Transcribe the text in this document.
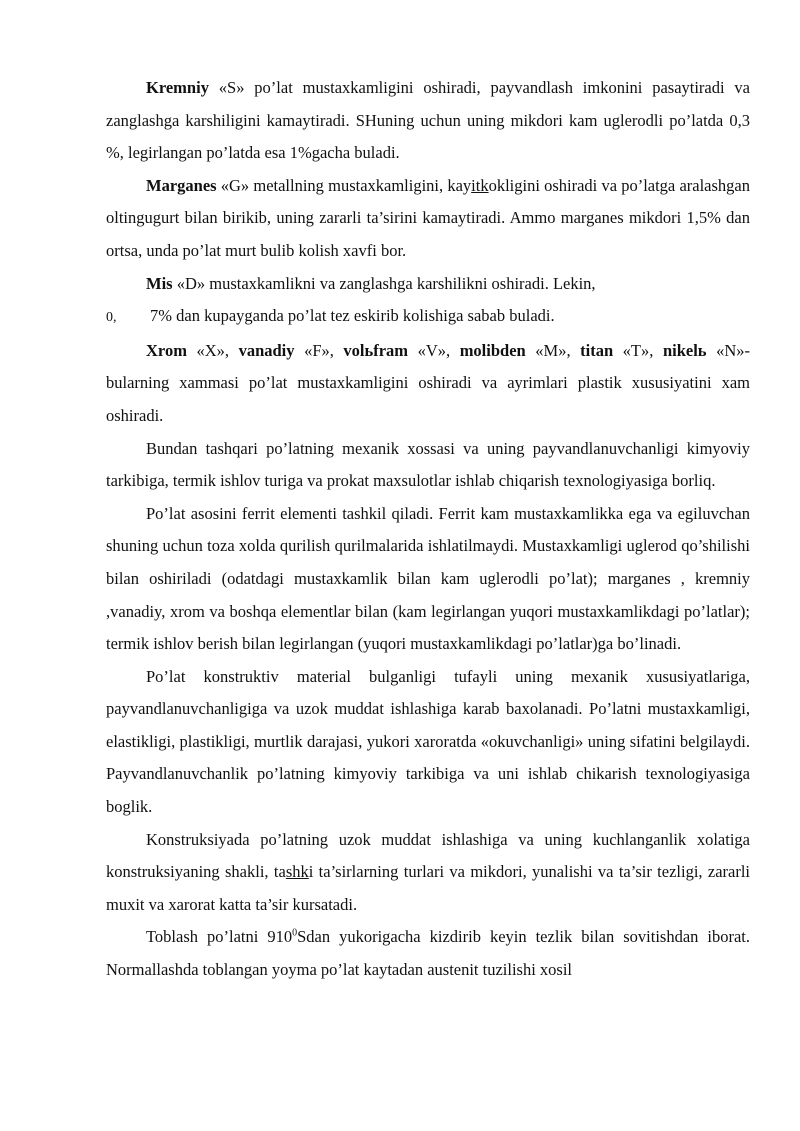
Kremniy «S» po’lat mustaxkamligini oshiradi, payvandlash imkonini pasaytiradi va zanglashga karshiligini kamaytiradi. SHuning uchun uning mikdori kam uglerodli po’latda 0,3 %, legirlangan po’latda esa 1%gacha buladi.

Marganes «G» metallning mustaxkamligini, kayitkokligini oshiradi va po’latga aralashgan oltingugurt bilan birikib, uning zararli ta’sirini kamaytiradi. Ammo marganes mikdori 1,5% dan ortsa, unda po’lat murt bulib kolish xavfi bor.

Mis «D» mustaxkamlikni va zanglashga karshilikni oshiradi. Lekin,

0, 7% dan kupayganda po’lat tez eskirib kolishiga sabab buladi.

Xrom «X», vanadiy «F», volьfram «V», molibden «M», titan «T», nikelь «N»- bularning xammasi po’lat mustaxkamligini oshiradi va ayrimlari plastik xususiyatini xam oshiradi.

Bundan tashqari po’latning mexanik xossasi va uning payvandlanuvchanligi kimyoviy tarkibiga, termik ishlov turiga va prokat maxsulotlar ishlab chiqarish texnologiyasiga borliq.

Po’lat asosini ferrit elementi tashkil qiladi. Ferrit kam mustaxkamlikka ega va egiluvchan shuning uchun toza xolda qurilish qurilmalarida ishlatilmaydi. Mustaxkamligi uglerod qo’shilishi bilan oshiriladi (odatdagi mustaxkamlik bilan kam uglerodli po’lat); marganes , kremniy ,vanadiy, xrom va boshqa elementlar bilan (kam legirlangan yuqori mustaxkamlikdagi po’latlar); termik ishlov berish bilan legirlangan (yuqori mustaxkamlikdagi po’latlar)ga bo’linadi.

Po’lat konstruktiv material bulganligi tufayli uning mexanik xususiyatlariga, payvandlanuvchanligiga va uzok muddat ishlashiga karab baxolanadi. Po’latni mustaxkamligi, elastikligi, plastikligi, murtlik darajasi, yukori xaroratda «okuvchanligi» uning sifatini belgilaydi. Payvandlanuvchanlik po’latning kimyoviy tarkibiga va uni ishlab chikarish texnologiyasiga boglik.

Konstruksiyada po’latning uzok muddat ishlashiga va uning kuchlanganlik xolatiga konstruksiyaning shakli, tashki ta’sirlarning turlari va mikdori, yunalishi va ta’sir tezligi, zararli muxit va xarorat katta ta’sir kursatadi.

Toblash po’latni $910^0Sdan$ yukorigacha kizdirib keyin tezlik bilan sovitishdan iborat. Normallashda toblangan yoyma po’lat kaytadan austenit tuzilishi xosil
